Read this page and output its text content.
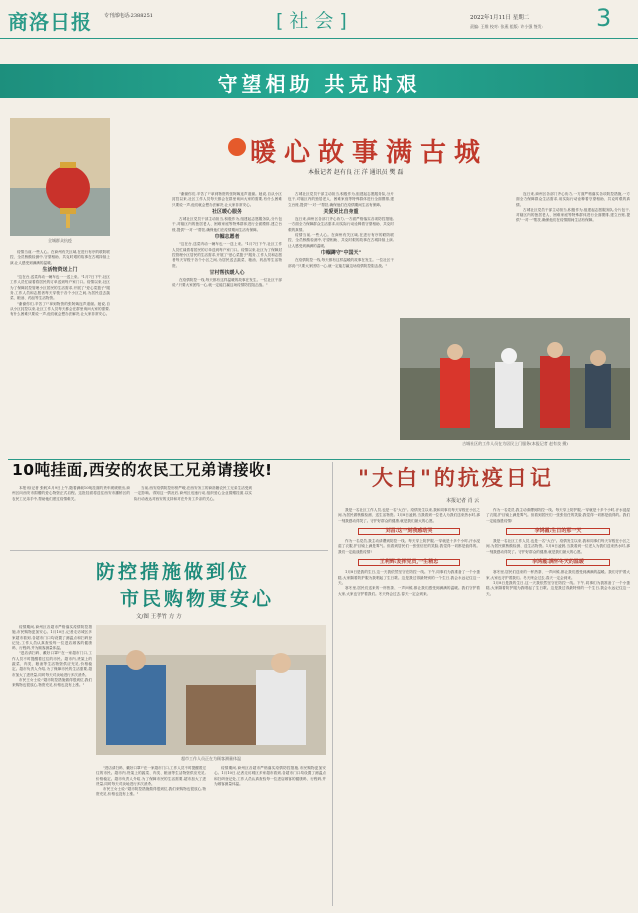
商洛日报 专刊部电话:2388251	[社会]	2022年1月11日 星期二
责编: 王维 校对: 张燕 组版: 许小强 签发: 3
守望相助 共克时艰
暖心故事满古城
本报记者 赵有良 汪 洋 通讯员 樊 磊
全城群众抗疫

疫情当前,一些人心。在商州有关区域,在进行有序的联防联控、全员核酸检测中,守望相助、共克时艰的故事在古城持续上演,让人感受到满满的温暖。

生活物资送上门

"这在台,送菜肉动一辆车也一一送上来。"1月7日下午,社区工作人员忙碌着将居民的订单送到每户家门口。疫情以来,社区为了保障封控管理小区居民的生活需求,开展了"爱心菜篮子"服务,工作人员和志愿者每天穿梭于各个小区之间,为居民送去蔬菜、粮油、药品等生活物资。

"谢谢你们,辛苦了!"拿到物资的张阿姨连声道谢。她说,自从小区封控以来,社区工作人员每天都会在群里询问大家的需要,有什么困难只要说一声,他们就会想办法解决,让大家非常安心。

"谢谢你们,辛苦了!"拿到物资的张阿姨连声道谢。她说,自从小区封控以来,社区工作人员每天都会在群里询问大家的需要,有什么困难只要说一声,他们就会想办法解决,让大家非常安心。

社区暖心服务

古城社区党员干部主动担当,积极作为,组建起志愿服务队,分片包干,对辖区内的独居老人、困难家庭等特殊群体进行全面摸排,建立台账,提供"一对一"帮扶,确保他们在疫情期间生活有保障。

巾帼志愿者

"这在台,送菜肉动一辆车也一一送上来。"1月7日下午,社区工作人员忙碌着将居民的订单送到每户家门口。疫情以来,社区为了保障封控管理小区居民的生活需求,开展了"爱心菜篮子"服务,工作人员和志愿者每天穿梭于各个小区之间,为居民送去蔬菜、粮油、药品等生活物资。

甘村帮扶暖人心

在疫情防控一线,每天都有这样温暖的故事在发生。一位社区干部说:"只要大家团结一心,就一定能打赢这场疫情防控阻击战。"

古城社区党员干部主动担当,积极作为,组建起志愿服务队,分片包干,对辖区内的独居老人、困难家庭等特殊群体进行全面摸排,建立台账,提供"一对一"帮扶,确保他们在疫情期间生活有保障。

关爱更比自身重

连日来,商州区各部门齐心协力,一方面严格落实各项防控措施,一方面全力保障群众生活需求,用实际行动诠释着守望相助、共克时艰的真情。

疫情当前,一些人心。在商州有关区域,在进行有序的联防联控、全员核酸检测中,守望相助、共克时艰的故事在古城持续上演,让人感受到满满的温暖。

巾帼蹲守"中国天"

在疫情防控一线,每天都有这样温暖的故事在发生。一位社区干部说:"只要大家团结一心,就一定能打赢这场疫情防控阻击战。"

连日来,商州区各部门齐心协力,一方面严格落实各项防控措施,一方面全力保障群众生活需求,用实际行动诠释着守望相助、共克时艰的真情。

古城社区党员干部主动担当,积极作为,组建起志愿服务队,分片包干,对辖区内的独居老人、困难家庭等特殊群体进行全面摸排,建立台账,提供"一对一"帮扶,确保他们在疫情期间生活有保障。

古城社区的工作人员在为居民上门服务(本报记者 赵有良 摄)
10吨挂面,西安的农民工兄弟请接收!

本报讯(记者 张帆)1月9日上午,随着满载10吨挂面的货车缓缓驶出,商州区向西安市捐赠的爱心物资正式启程。这批挂面将送往西安市灞桥区的农民工兄弟手中,帮助他们度过疫情难关。

当前,西安疫情防控形势严峻,在西安务工的商洛籍农民工兄弟生活受到一定影响。得知这一情况后,商州区迅速行动,组织爱心企业捐赠挂面,以实际行动表达对西安的支持和对在外务工乡亲的关心。

防控措施做到位
市民购物更安心
文/图 王孝竹 方 方

疫情期间,商州区各超市严格落实疫情防控措施,市民购物更加安心。1月10日,记者走访城区多家超市看到,各超市门口均设置了测温点和扫码登记处,工作人员认真查验每一位进店顾客的健康码、行程码,并为顾客测量体温。

"进店请扫码、戴好口罩!"在一家超市门口,工作人员不时提醒着过往的市民。超市内,货架上的蔬菜、肉类、粮油等生活物资供应充足,价格稳定。超市负责人介绍,为了保障市民的生活需要,超市加大了进货量,同时每天对卖场进行多次消杀。

市民王女士说:"超市防控措施做得很到位,我们来购物也很放心,物资充足,价格也没有上涨。"

超市工作人员正在为顾客测量体温

"进店请扫码、戴好口罩!"在一家超市门口,工作人员不时提醒着过往的市民。超市内,货架上的蔬菜、肉类、粮油等生活物资供应充足,价格稳定。超市负责人介绍,为了保障市民的生活需要,超市加大了进货量,同时每天对卖场进行多次消杀。

市民王女士说:"超市防控措施做得很到位,我们来购物也很放心,物资充足,价格也没有上涨。"

疫情期间,商州区各超市严格落实疫情防控措施,市民购物更加安心。1月10日,记者走访城区多家超市看到,各超市门口均设置了测温点和扫码登记处,工作人员认真查验每一位进店顾客的健康码、行程码,并为顾客测量体温。

"大白"的抗疫日记
本报记者 肖 云

我是一名社区工作人员,也是一名"大白"。疫情发生以来,我和同事们每天穿梭在小区之间,为居民做核酸检测、送生活物资。1月8日凌晨,当我看到一位老人为我们送来热水时,那一刻我感动得哭了。守护好群众的健康,就是我们最大的心愿。

刘昌:这一刻我感动哭

作为一名党员,我主动请缨到防控一线。每天穿上防护服,一穿就是十多个小时,汗水浸湿了衣服,护目镜上满是雾气。但看到居民们一张张信任的笑脸,我觉得一切都是值得的。我们一定能战胜疫情!

王利辉:发挥党员,一生精忠

1月8日是我的生日,这一天我依然坚守在防控一线。下午,同事们为我准备了一个小蛋糕,大家隔着防护服为我唱起了生日歌。这是我过得最特别的一个生日,我会永远记住这一天。

寒冬里,居民们送来的一杯热茶、一声问候,都让我们感受到满满的温暖。我们守护着大家,大家也守护着我们。冬天终会过去,春天一定会到来。

作为一名党员,我主动请缨到防控一线。每天穿上防护服,一穿就是十多个小时,汗水浸湿了衣服,护目镜上满是雾气。但看到居民们一张张信任的笑脸,我觉得一切都是值得的。我们一定能战胜疫情!

李鸿霞:生日的那一天

我是一名社区工作人员,也是一名"大白"。疫情发生以来,我和同事们每天穿梭在小区之间,为居民做核酸检测、送生活物资。1月8日凌晨,当我看到一位老人为我们送来热水时,那一刻我感动得哭了。守护好群众的健康,就是我们最大的心愿。

李鸿霞:满怀冬天的温暖

寒冬里,居民们送来的一杯热茶、一声问候,都让我们感受到满满的温暖。我们守护着大家,大家也守护着我们。冬天终会过去,春天一定会到来。

1月8日是我的生日,这一天我依然坚守在防控一线。下午,同事们为我准备了一个小蛋糕,大家隔着防护服为我唱起了生日歌。这是我过得最特别的一个生日,我会永远记住这一天。
